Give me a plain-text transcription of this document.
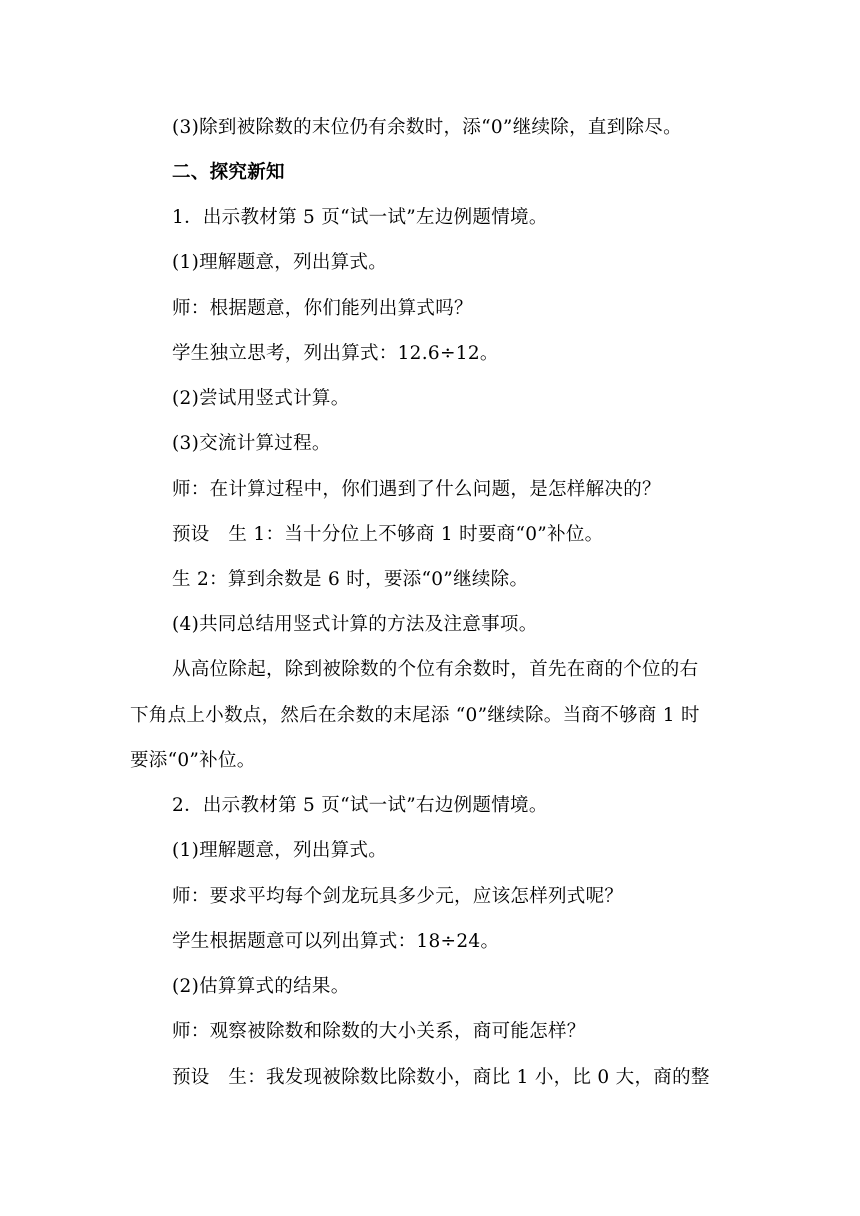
(3)除到被除数的末位仍有余数时，添“0”继续除，直到除尽。
二、探究新知
1．出示教材第 5 页“试一试”左边例题情境。
(1)理解题意，列出算式。
师：根据题意，你们能列出算式吗？
学生独立思考，列出算式：12.6÷12。
(2)尝试用竖式计算。
(3)交流计算过程。
师：在计算过程中，你们遇到了什么问题，是怎样解决的？
预设　生 1：当十分位上不够商 1 时要商“0”补位。
生 2：算到余数是 6 时，要添“0”继续除。
(4)共同总结用竖式计算的方法及注意事项。
从高位除起，除到被除数的个位有余数时，首先在商的个位的右
下角点上小数点，然后在余数的末尾添 “0”继续除。当商不够商 1 时
要添“0”补位。
2．出示教材第 5 页“试一试”右边例题情境。
(1)理解题意，列出算式。
师：要求平均每个剑龙玩具多少元，应该怎样列式呢？
学生根据题意可以列出算式：18÷24。
(2)估算算式的结果。
师：观察被除数和除数的大小关系，商可能怎样？
预设　生：我发现被除数比除数小，商比 1 小，比 0 大，商的整
